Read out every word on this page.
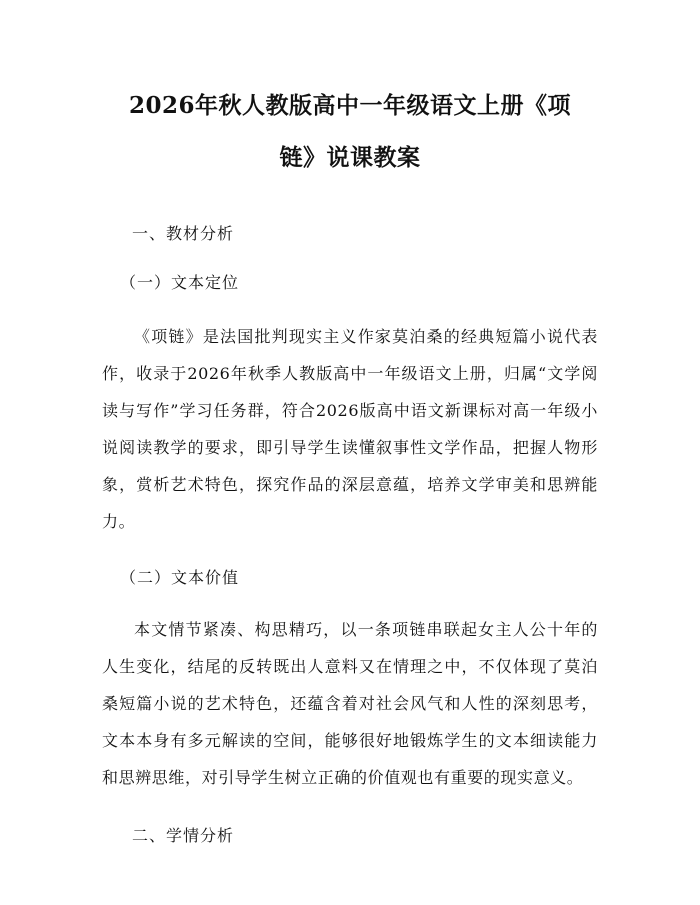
2026年秋人教版高中一年级语文上册《项
链》说课教案
一、教材分析
（一）文本定位

《项链》是法国批判现实主义作家莫泊桑的经典短篇小说代表作，收录于2026年秋季人教版高中一年级语文上册，归属“文学阅读与写作”学习任务群，符合2026版高中语文新课标对高一年级小说阅读教学的要求，即引导学生读懂叙事性文学作品，把握人物形象，赏析艺术特色，探究作品的深层意蕴，培养文学审美和思辨能力。

（二）文本价值

本文情节紧凑、构思精巧，以一条项链串联起女主人公十年的人生变化，结尾的反转既出人意料又在情理之中，不仅体现了莫泊桑短篇小说的艺术特色，还蕴含着对社会风气和人性的深刻思考，文本本身有多元解读的空间，能够很好地锻炼学生的文本细读能力和思辨思维，对引导学生树立正确的价值观也有重要的现实意义。

二、学情分析
